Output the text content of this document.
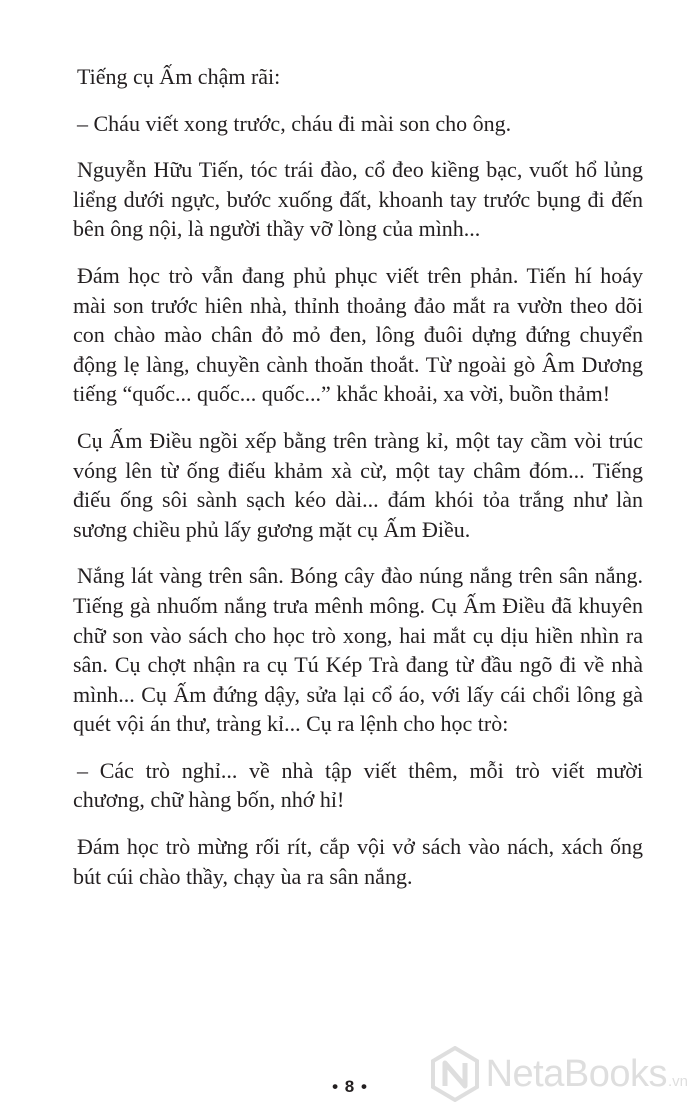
Tiếng cụ Ấm chậm rãi:

– Cháu viết xong trước, cháu đi mài son cho ông.

Nguyễn Hữu Tiến, tóc trái đào, cổ đeo kiềng bạc, vuốt hổ lủng liểng dưới ngực, bước xuống đất, khoanh tay trước bụng đi đến bên ông nội, là người thầy vỡ lòng của mình...

Đám học trò vẫn đang phủ phục viết trên phản. Tiến hí hoáy mài son trước hiên nhà, thỉnh thoảng đảo mắt ra vườn theo dõi con chào mào chân đỏ mỏ đen, lông đuôi dựng đứng chuyển động lẹ làng, chuyền cành thoăn thoắt. Từ ngoài gò Âm Dương tiếng “quốc... quốc... quốc...” khắc khoải, xa vời, buồn thảm!

Cụ Ấm Điều ngồi xếp bằng trên tràng kỉ, một tay cầm vòi trúc vóng lên từ ống điếu khảm xà cừ, một tay châm đóm... Tiếng điếu ống sôi sành sạch kéo dài... đám khói tỏa trắng như làn sương chiều phủ lấy gương mặt cụ Ấm Điều.

Nắng lát vàng trên sân. Bóng cây đào núng nắng trên sân nắng. Tiếng gà nhuốm nắng trưa mênh mông. Cụ Ấm Điều đã khuyên chữ son vào sách cho học trò xong, hai mắt cụ dịu hiền nhìn ra sân. Cụ chợt nhận ra cụ Tú Kép Trà đang từ đầu ngõ đi về nhà mình... Cụ Ấm đứng dậy, sửa lại cổ áo, với lấy cái chổi lông gà quét vội án thư, tràng kỉ... Cụ ra lệnh cho học trò:

– Các trò nghỉ... về nhà tập viết thêm, mỗi trò viết mười chương, chữ hàng bốn, nhớ hỉ!

Đám học trò mừng rối rít, cắp vội vở sách vào nách, xách ống bút cúi chào thầy, chạy ùa ra sân nắng.

• 8 •	NetaBooks .vn
